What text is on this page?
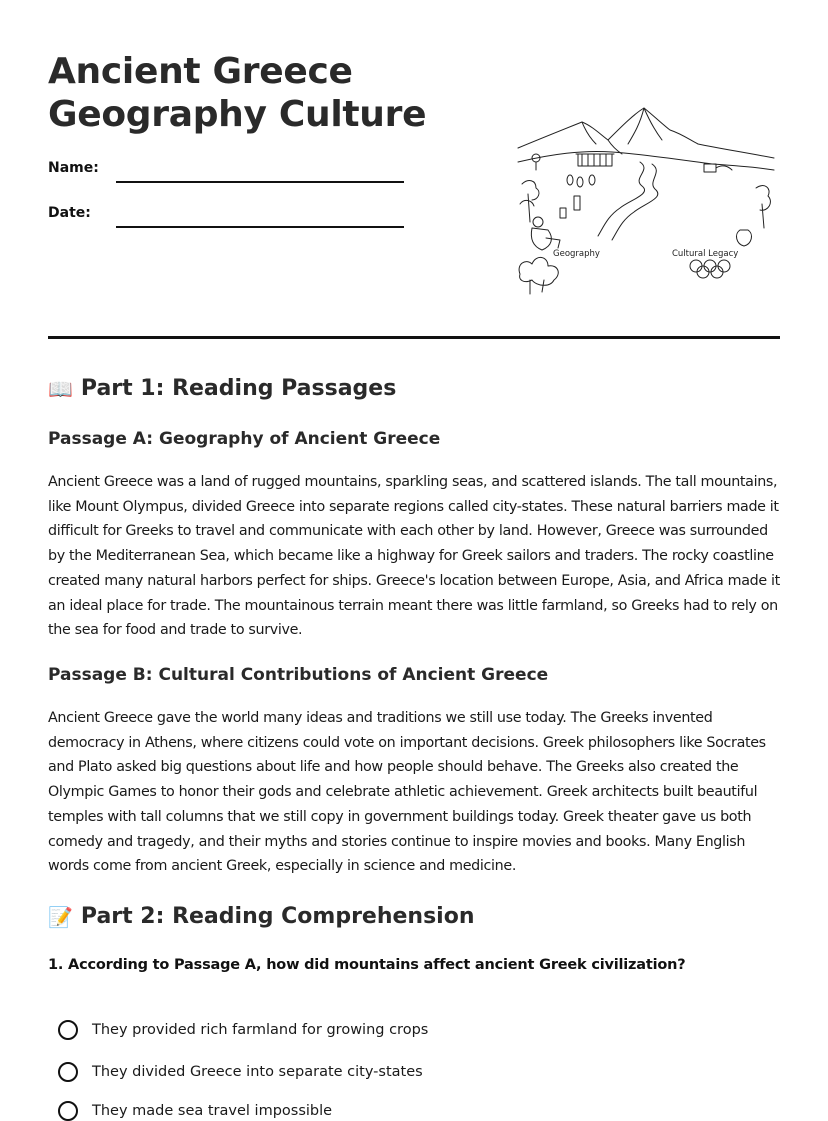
Ancient Greece
Geography Culture
Name:
Date:
Geography	Cultural Legacy
📖 Part 1: Reading Passages
Passage A: Geography of Ancient Greece

Ancient Greece was a land of rugged mountains, sparkling seas, and scattered islands. The tall mountains, like Mount Olympus, divided Greece into separate regions called city-states. These natural barriers made it difficult for Greeks to travel and communicate with each other by land. However, Greece was surrounded by the Mediterranean Sea, which became like a highway for Greek sailors and traders. The rocky coastline created many natural harbors perfect for ships. Greece's location between Europe, Asia, and Africa made it an ideal place for trade. The mountainous terrain meant there was little farmland, so Greeks had to rely on the sea for food and trade to survive.

Passage B: Cultural Contributions of Ancient Greece

Ancient Greece gave the world many ideas and traditions we still use today. The Greeks invented democracy in Athens, where citizens could vote on important decisions. Greek philosophers like Socrates and Plato asked big questions about life and how people should behave. The Greeks also created the Olympic Games to honor their gods and celebrate athletic achievement. Greek architects built beautiful temples with tall columns that we still copy in government buildings today. Greek theater gave us both comedy and tragedy, and their myths and stories continue to inspire movies and books. Many English words come from ancient Greek, especially in science and medicine.

📝 Part 2: Reading Comprehension

1. According to Passage A, how did mountains affect ancient Greek civilization?

They provided rich farmland for growing crops
They divided Greece into separate city-states
They made sea travel impossible
